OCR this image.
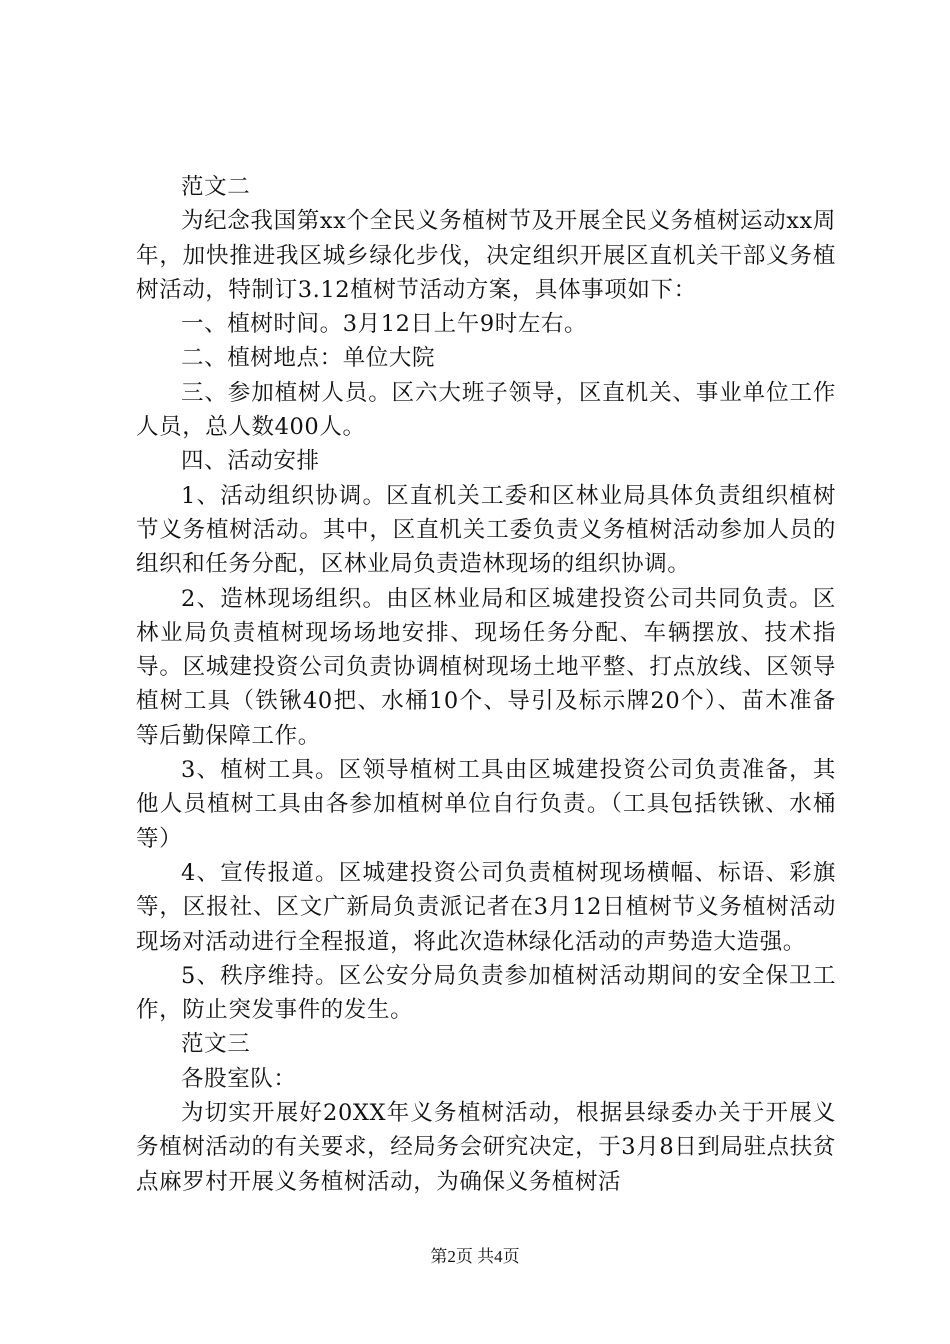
范文二

为纪念我国第xx个全民义务植树节及开展全民义务植树运动xx周年，加快推进我区城乡绿化步伐，决定组织开展区直机关干部义务植树活动，特制订3.12植树节活动方案，具体事项如下：

一、植树时间。3月12日上午9时左右。

二、植树地点：单位大院

三、参加植树人员。区六大班子领导，区直机关、事业单位工作人员，总人数400人。

四、活动安排

1、活动组织协调。区直机关工委和区林业局具体负责组织植树节义务植树活动。其中，区直机关工委负责义务植树活动参加人员的组织和任务分配，区林业局负责造林现场的组织协调。

2、造林现场组织。由区林业局和区城建投资公司共同负责。区林业局负责植树现场场地安排、现场任务分配、车辆摆放、技术指导。区城建投资公司负责协调植树现场土地平整、打点放线、区领导植树工具（铁锹40把、水桶10个、导引及标示牌20个）、苗木准备等后勤保障工作。

3、植树工具。区领导植树工具由区城建投资公司负责准备，其他人员植树工具由各参加植树单位自行负责。（工具包括铁锹、水桶等）

4、宣传报道。区城建投资公司负责植树现场横幅、标语、彩旗等，区报社、区文广新局负责派记者在3月12日植树节义务植树活动现场对活动进行全程报道，将此次造林绿化活动的声势造大造强。

5、秩序维持。区公安分局负责参加植树活动期间的安全保卫工作，防止突发事件的发生。

范文三

各股室队：

为切实开展好20XX年义务植树活动，根据县绿委办关于开展义务植树活动的有关要求，经局务会研究决定，于3月8日到局驻点扶贫点麻罗村开展义务植树活动，为确保义务植树活

第2页 共4页
